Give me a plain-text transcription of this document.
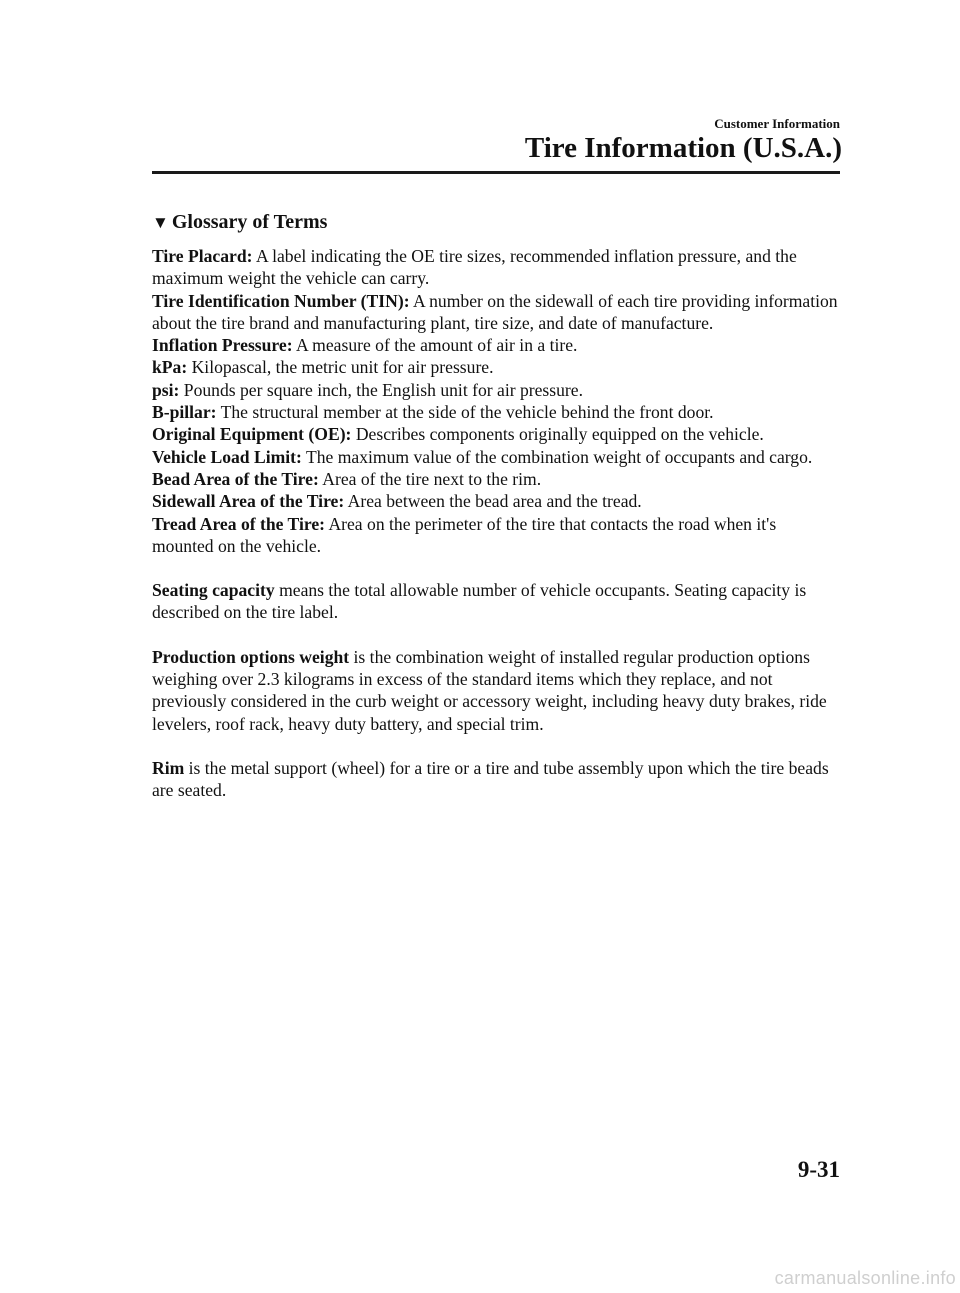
Customer Information
Tire Information (U.S.A.)
▼ Glossary of Terms

Tire Placard: A label indicating the OE tire sizes, recommended inflation pressure, and the maximum weight the vehicle can carry.

Tire Identification Number (TIN): A number on the sidewall of each tire providing information about the tire brand and manufacturing plant, tire size, and date of manufacture.

Inflation Pressure: A measure of the amount of air in a tire.

kPa: Kilopascal, the metric unit for air pressure.

psi: Pounds per square inch, the English unit for air pressure.

B-pillar: The structural member at the side of the vehicle behind the front door.

Original Equipment (OE): Describes components originally equipped on the vehicle.

Vehicle Load Limit: The maximum value of the combination weight of occupants and cargo.

Bead Area of the Tire: Area of the tire next to the rim.

Sidewall Area of the Tire: Area between the bead area and the tread.

Tread Area of the Tire: Area on the perimeter of the tire that contacts the road when it's mounted on the vehicle.

Seating capacity means the total allowable number of vehicle occupants. Seating capacity is described on the tire label.

Production options weight is the combination weight of installed regular production options weighing over 2.3 kilograms in excess of the standard items which they replace, and not previously considered in the curb weight or accessory weight, including heavy duty brakes, ride levelers, roof rack, heavy duty battery, and special trim.

Rim is the metal support (wheel) for a tire or a tire and tube assembly upon which the tire beads are seated.

9-31
carmanualsonline.info
